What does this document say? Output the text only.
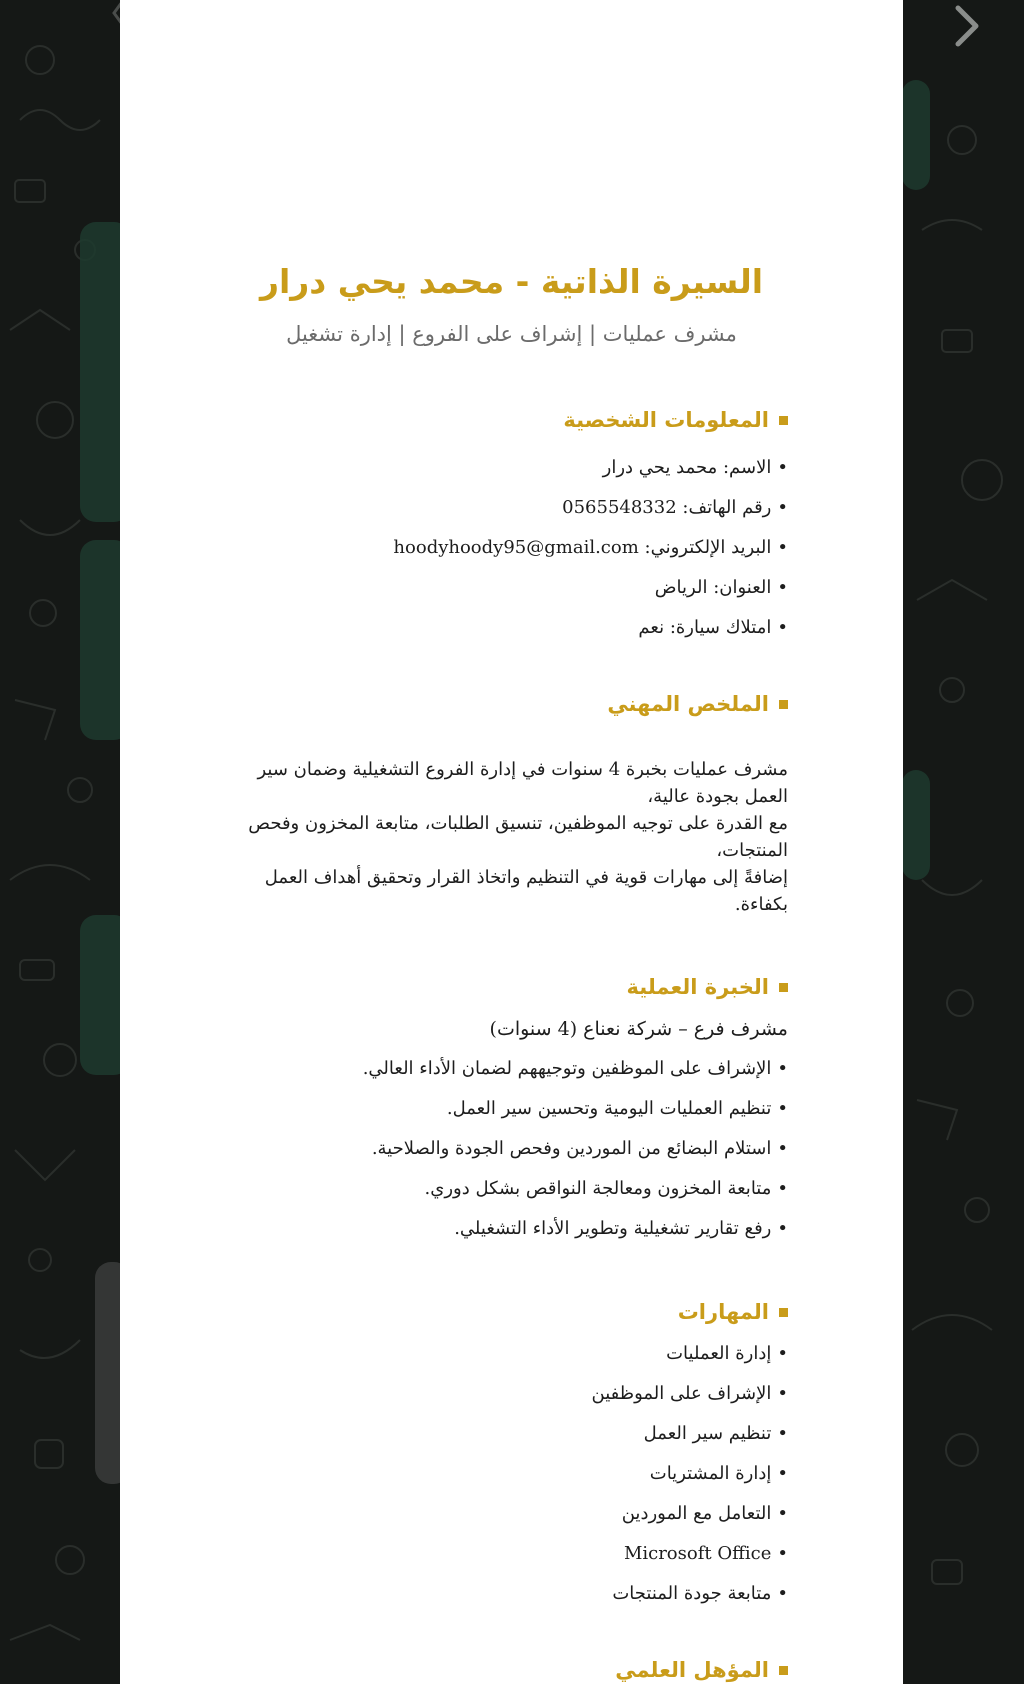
السيرة الذاتية - محمد يحي درار
مشرف عمليات | إشراف على الفروع | إدارة تشغيل
المعلومات الشخصية
•الاسم: محمد يحي درار
•رقم الهاتف: 0565548332
•البريد الإلكتروني: hoodyhoody95@gmail.com
•العنوان: الرياض
•امتلاك سيارة: نعم
الملخص المهني

مشرف عمليات بخبرة 4 سنوات في إدارة الفروع التشغيلية وضمان سير العمل بجودة عالية،

مع القدرة على توجيه الموظفين، تنسيق الطلبات، متابعة المخزون وفحص المنتجات،

إضافةً إلى مهارات قوية في التنظيم واتخاذ القرار وتحقيق أهداف العمل بكفاءة.

الخبرة العملية

مشرف فرع – شركة نعناع (4 سنوات)

•الإشراف على الموظفين وتوجيههم لضمان الأداء العالي.
•تنظيم العمليات اليومية وتحسين سير العمل.
•استلام البضائع من الموردين وفحص الجودة والصلاحية.
•متابعة المخزون ومعالجة النواقص بشكل دوري.
•رفع تقارير تشغيلية وتطوير الأداء التشغيلي.
المهارات
•إدارة العمليات
•الإشراف على الموظفين
•تنظيم سير العمل
•إدارة المشتريات
•التعامل مع الموردين
•Microsoft Office
•متابعة جودة المنتجات
المؤهل العلمي
